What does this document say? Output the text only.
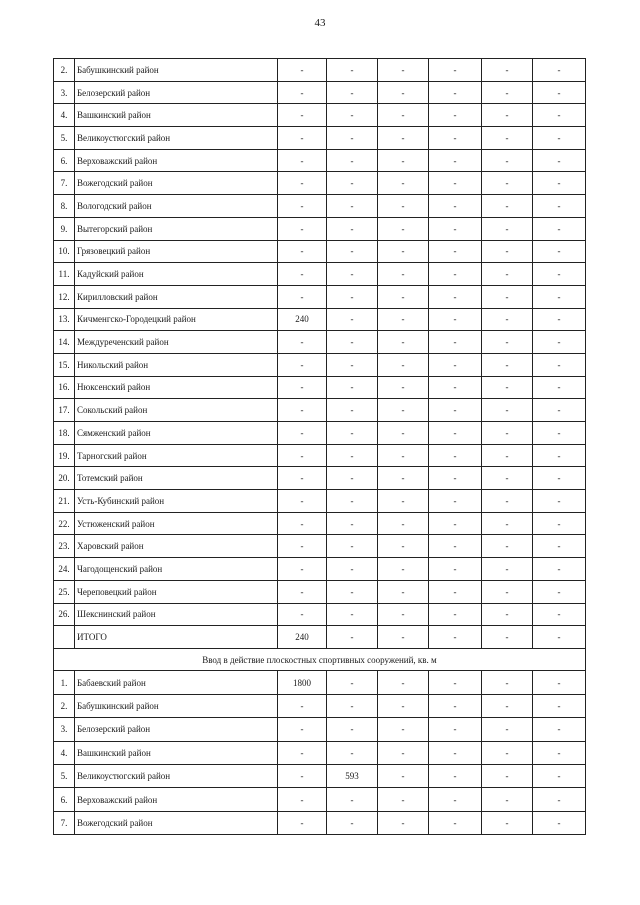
43
2.	Бабушкинский район	-	-	-	-	-	-
3.	Белозерский район	-	-	-	-	-	-
4.	Вашкинский район	-	-	-	-	-	-
5.	Великоустюгский район	-	-	-	-	-	-
6.	Верховажский район	-	-	-	-	-	-
7.	Вожегодский район	-	-	-	-	-	-
8.	Вологодский район	-	-	-	-	-	-
9.	Вытегорский район	-	-	-	-	-	-
10.	Грязовецкий район	-	-	-	-	-	-
11.	Кадуйский район	-	-	-	-	-	-
12.	Кирилловский район	-	-	-	-	-	-
13.	Кичменгско-Городецкий район	240	-	-	-	-	-
14.	Междуреченский район	-	-	-	-	-	-
15.	Никольский район	-	-	-	-	-	-
16.	Нюксенский район	-	-	-	-	-	-
17.	Сокольский район	-	-	-	-	-	-
18.	Сямженский район	-	-	-	-	-	-
19.	Тарногский район	-	-	-	-	-	-
20.	Тотемский район	-	-	-	-	-	-
21.	Усть-Кубинский район	-	-	-	-	-	-
22.	Устюженский район	-	-	-	-	-	-
23.	Харовский район	-	-	-	-	-	-
24.	Чагодощенский район	-	-	-	-	-	-
25.	Череповецкий район	-	-	-	-	-	-
26.	Шекснинский район	-	-	-	-	-	-
	ИТОГО	240	-	-	-	-	-
Ввод в действие плоскостных спортивных сооружений, кв. м							
1.	Бабаевский район	1800	-	-	-	-	-
2.	Бабушкинский район	-	-	-	-	-	-
3.	Белозерский район	-	-	-	-	-	-
4.	Вашкинский район	-	-	-	-	-	-
5.	Великоустюгский район	-	593	-	-	-	-
6.	Верховажский район	-	-	-	-	-	-
7.	Вожегодский район	-	-	-	-	-	-
